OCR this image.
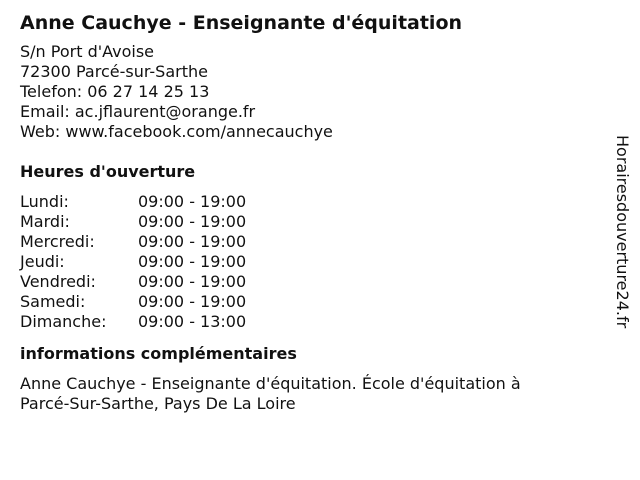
Anne Cauchye - Enseignante d'équitation
S/n Port d'Avoise
72300 Parcé-sur-Sarthe
Telefon: 06 27 14 25 13
Email: ac.jflaurent@orange.fr
Web: www.facebook.com/annecauchye
Heures d'ouverture
Lundi:	09:00 - 19:00
Mardi:	09:00 - 19:00
Mercredi:	09:00 - 19:00
Jeudi:	09:00 - 19:00
Vendredi:	09:00 - 19:00
Samedi:	09:00 - 19:00
Dimanche:	09:00 - 13:00
informations complémentaires
Anne Cauchye - Enseignante d'équitation. École d'équitation à Parcé-Sur-Sarthe, Pays De La Loire
Horairesdouverture24.fr
